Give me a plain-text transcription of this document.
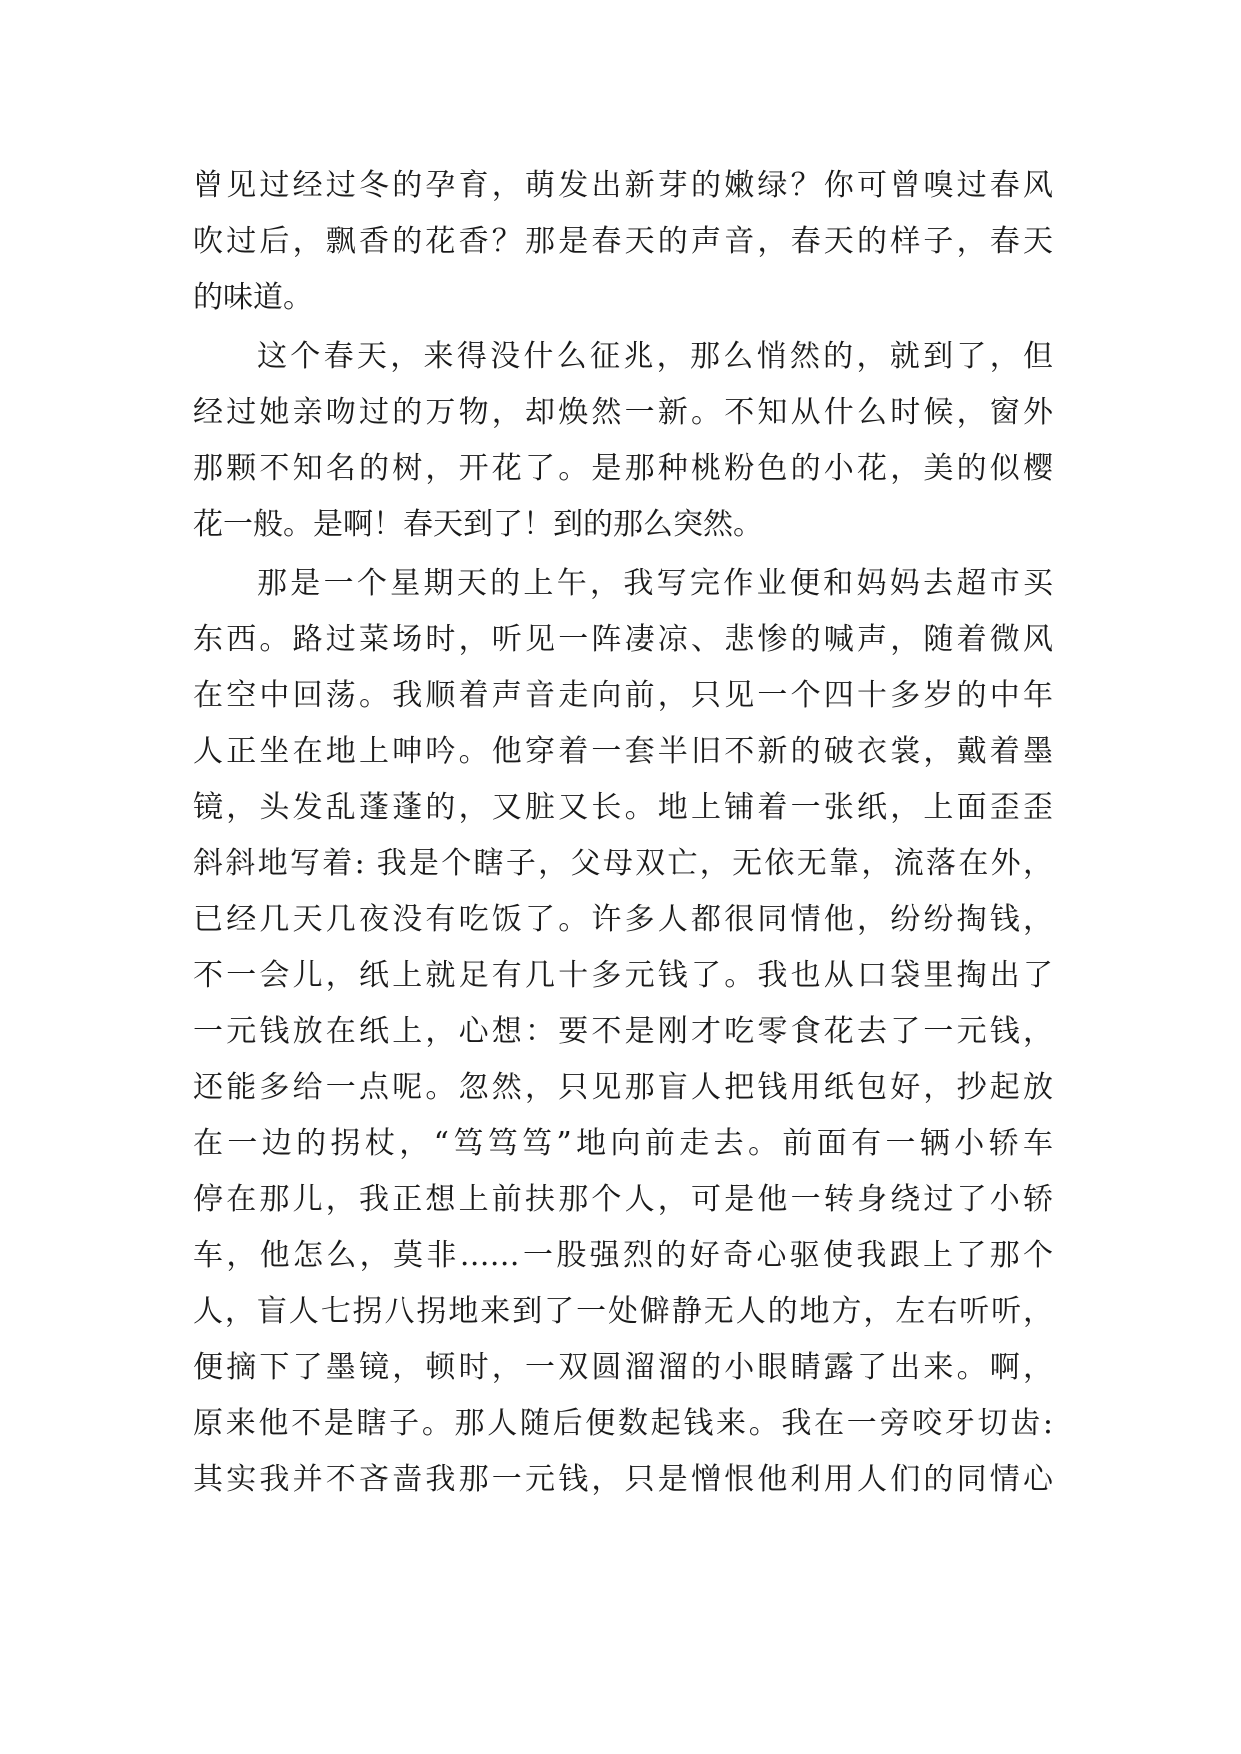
曾见过经过冬的孕育，萌发出新芽的嫩绿？你可曾嗅过春风
吹过后，飘香的花香？那是春天的声音，春天的样子，春天
的味道。
这个春天，来得没什么征兆，那么悄然的，就到了，但
经过她亲吻过的万物，却焕然一新。不知从什么时候，窗外
那颗不知名的树，开花了。是那种桃粉色的小花，美的似樱
花一般。是啊！春天到了！到的那么突然。
那是一个星期天的上午，我写完作业便和妈妈去超市买
东西。路过菜场时，听见一阵凄凉、悲惨的喊声，随着微风
在空中回荡。我顺着声音走向前，只见一个四十多岁的中年
人正坐在地上呻吟。他穿着一套半旧不新的破衣裳，戴着墨
镜，头发乱蓬蓬的，又脏又长。地上铺着一张纸，上面歪歪
斜斜地写着: 我是个瞎子，父母双亡，无依无靠，流落在外，
已经几天几夜没有吃饭了。许多人都很同情他，纷纷掏钱，
不一会儿，纸上就足有几十多元钱了。我也从口袋里掏出了
一元钱放在纸上，心想：要不是刚才吃零食花去了一元钱，
还能多给一点呢。忽然，只见那盲人把钱用纸包好，抄起放
在一边的拐杖，“笃笃笃”地向前走去。前面有一辆小轿车
停在那儿，我正想上前扶那个人，可是他一转身绕过了小轿
车，他怎么，莫非……一股强烈的好奇心驱使我跟上了那个
人，盲人七拐八拐地来到了一处僻静无人的地方，左右听听，
便摘下了墨镜，顿时，一双圆溜溜的小眼睛露了出来。啊，
原来他不是瞎子。那人随后便数起钱来。我在一旁咬牙切齿:
其实我并不吝啬我那一元钱，只是憎恨他利用人们的同情心
